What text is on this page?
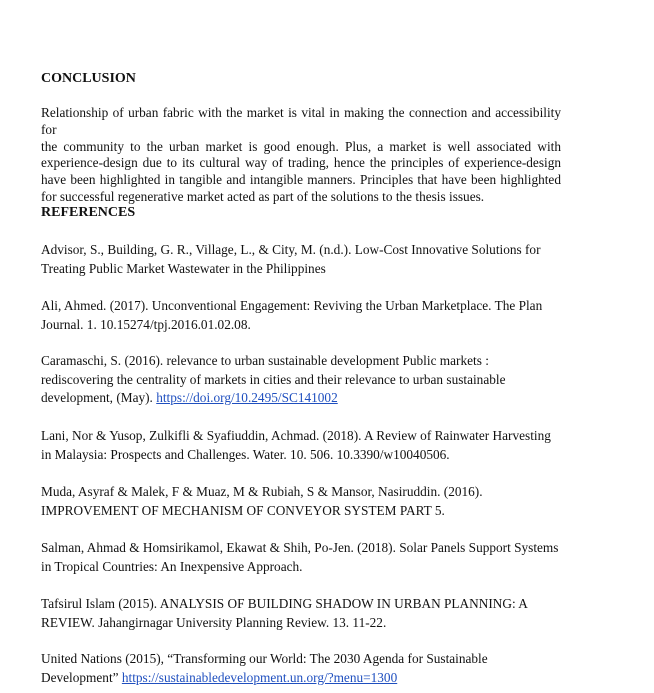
CONCLUSION

Relationship of urban fabric with the market is vital in making the connection and accessibility for
the community to the urban market is good enough. Plus, a market is well associated with
experience-design due to its cultural way of trading, hence the principles of experience-design
have been highlighted in tangible and intangible manners. Principles that have been highlighted
for successful regenerative market acted as part of the solutions to the thesis issues.

REFERENCES

Advisor, S., Building, G. R., Village, L., & City, M. (n.d.). Low-Cost Innovative Solutions for
Treating Public Market Wastewater in the Philippines

Ali, Ahmed. (2017). Unconventional Engagement: Reviving the Urban Marketplace. The Plan
Journal. 1. 10.15274/tpj.2016.01.02.08.

Caramaschi, S. (2016). relevance to urban sustainable development Public markets :
rediscovering the centrality of markets in cities and their relevance to urban sustainable
development, (May). https://doi.org/10.2495/SC141002

Lani, Nor & Yusop, Zulkifli & Syafiuddin, Achmad. (2018). A Review of Rainwater Harvesting
in Malaysia: Prospects and Challenges. Water. 10. 506. 10.3390/w10040506.

Muda, Asyraf & Malek, F & Muaz, M & Rubiah, S & Mansor, Nasiruddin. (2016).
IMPROVEMENT OF MECHANISM OF CONVEYOR SYSTEM PART 5.

Salman, Ahmad & Homsirikamol, Ekawat & Shih, Po-Jen. (2018). Solar Panels Support Systems
in Tropical Countries: An Inexpensive Approach.

Tafsirul Islam (2015). ANALYSIS OF BUILDING SHADOW IN URBAN PLANNING: A
REVIEW. Jahangirnagar University Planning Review. 13. 11-22.

United Nations (2015), “Transforming our World: The 2030 Agenda for Sustainable
Development” https://sustainabledevelopment.un.org/?menu=1300
